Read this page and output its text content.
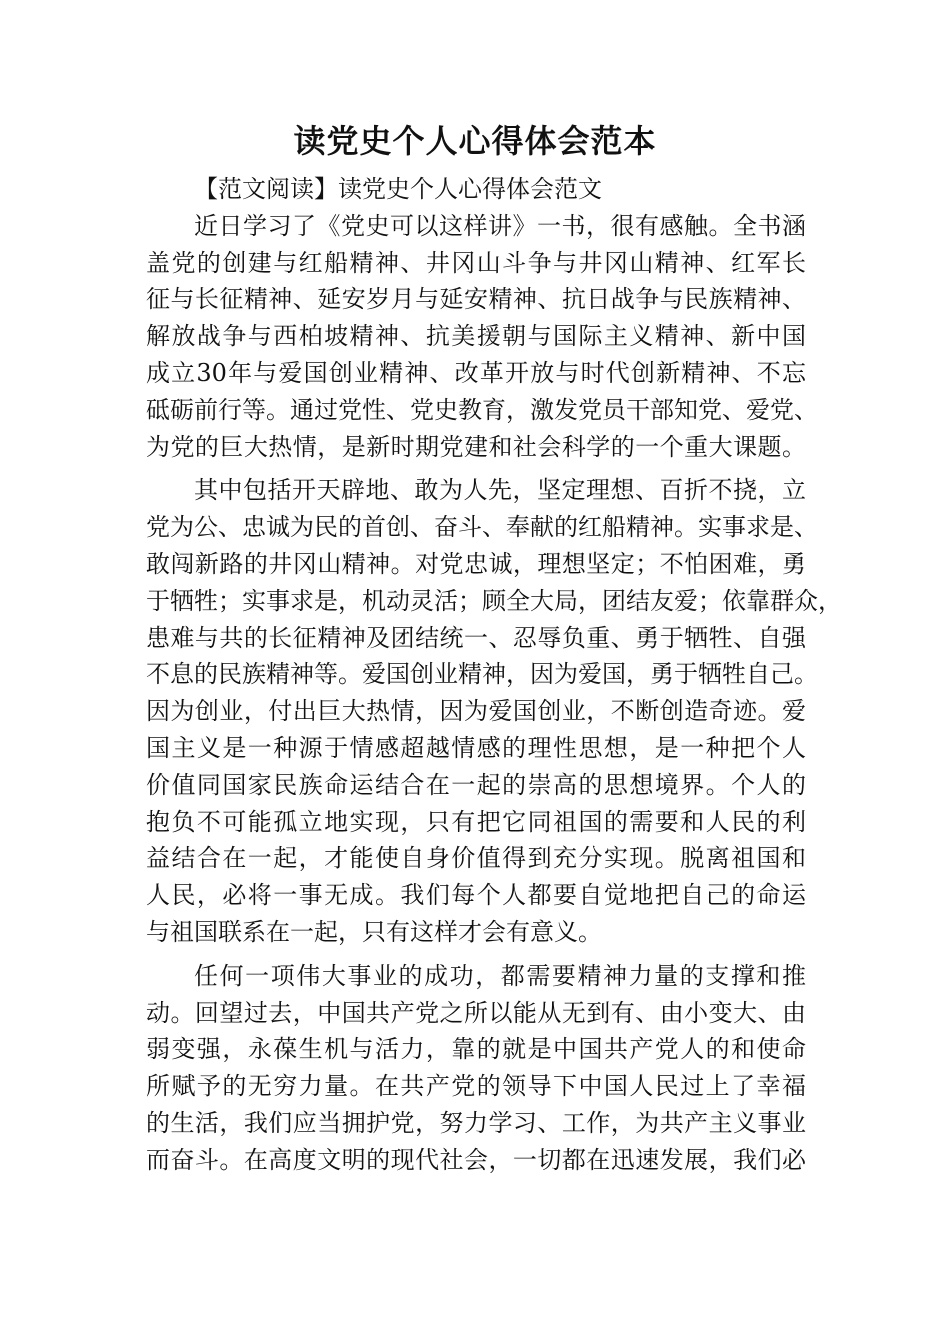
读党史个人心得体会范本
【范文阅读】读党史个人心得体会范文
近日学习了《党史可以这样讲》一书，很有感触。全书涵
盖党的创建与红船精神、井冈山斗争与井冈山精神、红军长
征与长征精神、延安岁月与延安精神、抗日战争与民族精神、
解放战争与西柏坡精神、抗美援朝与国际主义精神、新中国
成立30年与爱国创业精神、改革开放与时代创新精神、不忘
砥砺前行等。通过党性、党史教育，激发党员干部知党、爱党、
为党的巨大热情，是新时期党建和社会科学的一个重大课题。
其中包括开天辟地、敢为人先，坚定理想、百折不挠，立
党为公、忠诚为民的首创、奋斗、奉献的红船精神。实事求是、
敢闯新路的井冈山精神。对党忠诚，理想坚定；不怕困难，勇
于牺牲；实事求是，机动灵活；顾全大局，团结友爱；依靠群众，
患难与共的长征精神及团结统一、忍辱负重、勇于牺牲、自强
不息的民族精神等。爱国创业精神，因为爱国，勇于牺牲自己。
因为创业，付出巨大热情，因为爱国创业，不断创造奇迹。爱
国主义是一种源于情感超越情感的理性思想，是一种把个人
价值同国家民族命运结合在一起的崇高的思想境界。个人的
抱负不可能孤立地实现，只有把它同祖国的需要和人民的利
益结合在一起，才能使自身价值得到充分实现。脱离祖国和
人民，必将一事无成。我们每个人都要自觉地把自己的命运
与祖国联系在一起，只有这样才会有意义。
任何一项伟大事业的成功，都需要精神力量的支撑和推
动。回望过去，中国共产党之所以能从无到有、由小变大、由
弱变强，永葆生机与活力，靠的就是中国共产党人的和使命
所赋予的无穷力量。在共产党的领导下中国人民过上了幸福
的生活，我们应当拥护党，努力学习、工作，为共产主义事业
而奋斗。在高度文明的现代社会，一切都在迅速发展，我们必
